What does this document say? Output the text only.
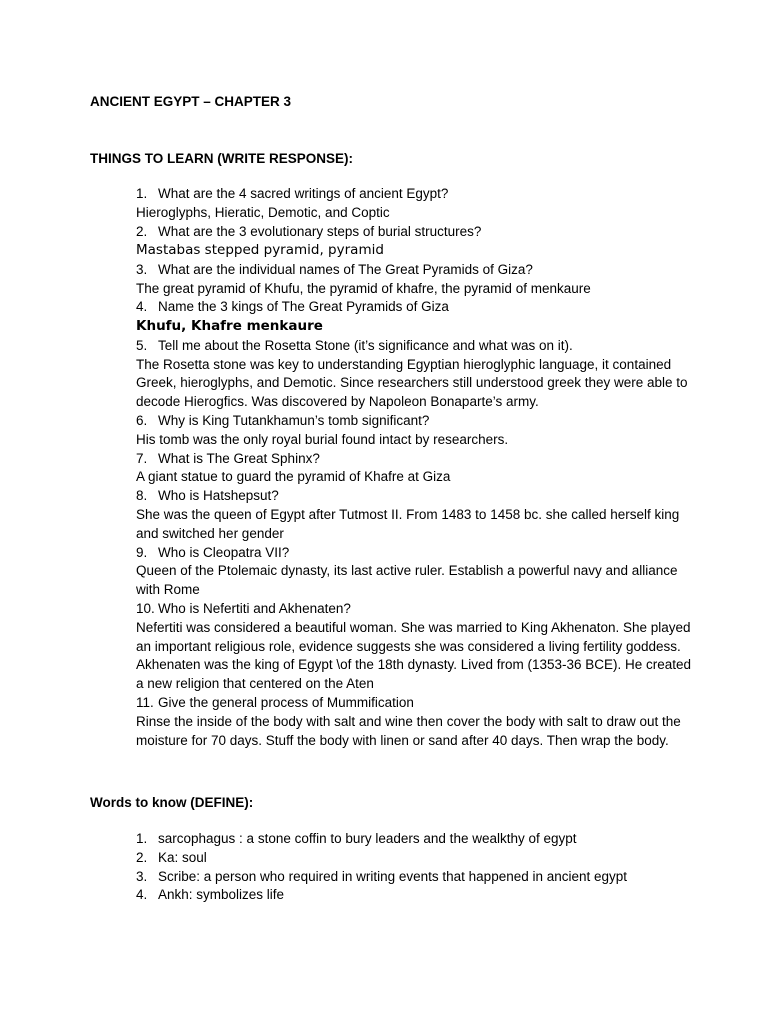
ANCIENT EGYPT – CHAPTER 3
THINGS TO LEARN (WRITE RESPONSE):
1. What are the 4 sacred writings of ancient Egypt?
Hieroglyphs, Hieratic, Demotic, and Coptic
2. What are the 3 evolutionary steps of burial structures?
Mastabas stepped pyramid, pyramid
3. What are the individual names of The Great Pyramids of Giza?
The great pyramid of Khufu, the pyramid of khafre, the pyramid of menkaure
4. Name the 3 kings of The Great Pyramids of Giza
Khufu, Khafre menkaure
5. Tell me about the Rosetta Stone (it’s significance and what was on it).
The Rosetta stone was key to understanding Egyptian hieroglyphic language, it contained Greek, hieroglyphs, and Demotic. Since researchers still understood greek they were able to decode Hierogfics. Was discovered by Napoleon Bonaparte’s army.
6. Why is King Tutankhamun’s tomb significant?
His tomb was the only royal burial found intact by researchers.
7. What is The Great Sphinx?
A giant statue to guard the pyramid of Khafre at Giza
8. Who is Hatshepsut?
She was the queen of Egypt after Tutmost II. From 1483 to 1458 bc. she called herself king and switched her gender
9. Who is Cleopatra VII?
Queen of the Ptolemaic dynasty, its last active ruler. Establish a powerful navy and alliance with Rome
10. Who is Nefertiti and Akhenaten?
Nefertiti was considered a beautiful woman. She was married to King Akhenaton. She played an important religious role, evidence suggests she was considered a living fertility goddess. Akhenaten was the king of Egypt \of the 18th dynasty. Lived from (1353-36 BCE). He created a new religion that centered on the Aten
11. Give the general process of Mummification
Rinse the inside of the body with salt and wine then cover the body with salt to draw out the moisture for 70 days. Stuff the body with linen or sand after 40 days. Then wrap the body.
Words to know (DEFINE):
1. sarcophagus : a stone coffin to bury leaders and the wealkthy of egypt
2. Ka: soul
3. Scribe: a person who required in writing events that happened in ancient egypt
4. Ankh: symbolizes life
